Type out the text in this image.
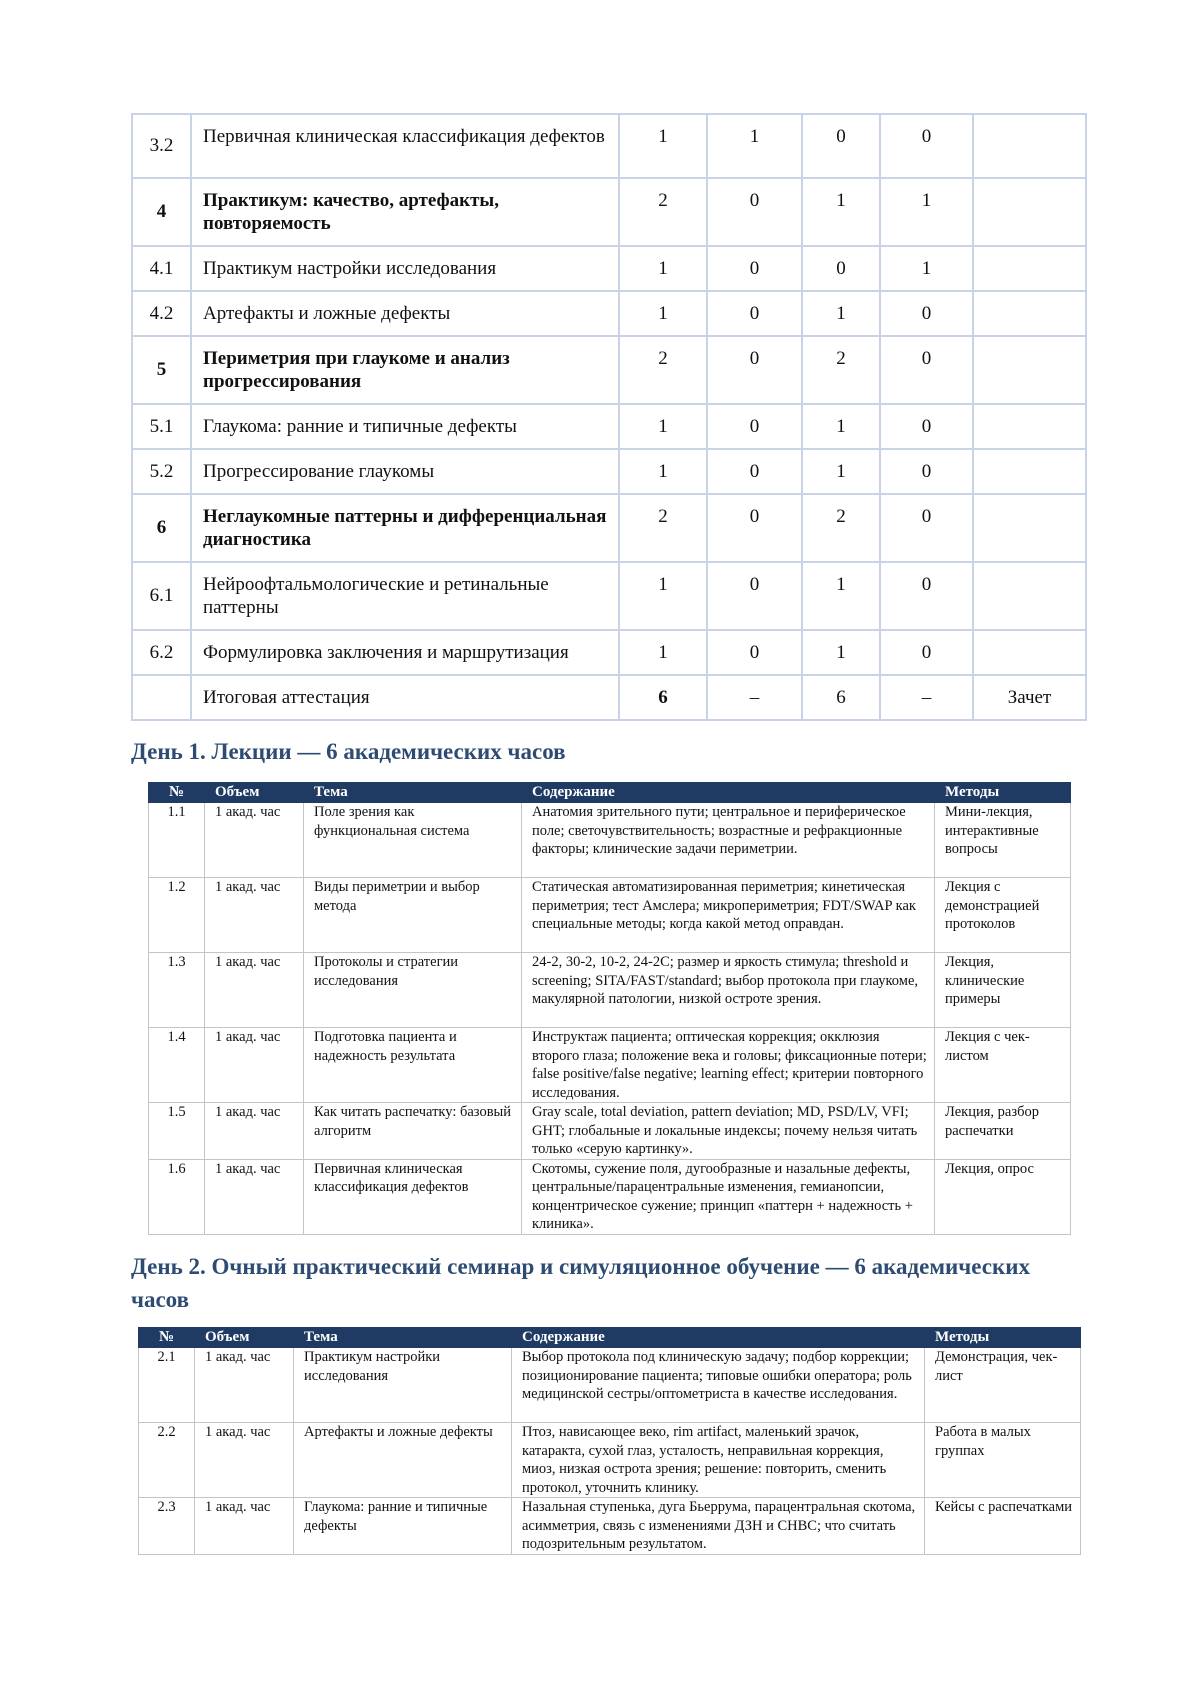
3.2	Первичная клиническая классификация дефектов	1	1	0	0	
4	Практикум: качество, артефакты, повторяемость	2	0	1	1	
4.1	Практикум настройки исследования	1	0	0	1	
4.2	Артефакты и ложные дефекты	1	0	1	0	
5	Периметрия при глаукоме и анализ прогрессирования	2	0	2	0	
5.1	Глаукома: ранние и типичные дефекты	1	0	1	0	
5.2	Прогрессирование глаукомы	1	0	1	0	
6	Неглаукомные паттерны и дифференциальная диагностика	2	0	2	0	
6.1	Нейроофтальмологические и ретинальные паттерны	1	0	1	0	
6.2	Формулировка заключения и маршрутизация	1	0	1	0	
	Итоговая аттестация	6	–	6	–	Зачет
День 1. Лекции — 6 академических часов
№	Объем	Тема	Содержание	Методы
1.1	1 акад. час	Поле зрения как функциональная система	Анатомия зрительного пути; центральное и периферическое поле; светочувствительность; возрастные и рефракционные факторы; клинические задачи периметрии.	Мини-лекция, интерактивные вопросы
1.2	1 акад. час	Виды периметрии и выбор метода	Статическая автоматизированная периметрия; кинетическая периметрия; тест Амслера; микропериметрия; FDT/SWAP как специальные методы; когда какой метод оправдан.	Лекция с демонстрацией протоколов
1.3	1 акад. час	Протоколы и стратегии исследования	24-2, 30-2, 10-2, 24-2C; размер и яркость стимула; threshold и screening; SITA/FAST/standard; выбор протокола при глаукоме, макулярной патологии, низкой остроте зрения.	Лекция, клинические примеры
1.4	1 акад. час	Подготовка пациента и надежность результата	Инструктаж пациента; оптическая коррекция; окклюзия второго глаза; положение века и головы; фиксационные потери; false positive/false negative; learning effect; критерии повторного исследования.	Лекция с чек-листом
1.5	1 акад. час	Как читать распечатку: базовый алгоритм	Gray scale, total deviation, pattern deviation; MD, PSD/LV, VFI; GHT; глобальные и локальные индексы; почему нельзя читать только «серую картинку».	Лекция, разбор распечатки
1.6	1 акад. час	Первичная клиническая классификация дефектов	Скотомы, сужение поля, дугообразные и назальные дефекты, центральные/парацентральные изменения, гемианопсии, концентрическое сужение; принцип «паттерн + надежность + клиника».	Лекция, опрос
День 2. Очный практический семинар и симуляционное обучение — 6 академических часов
№	Объем	Тема	Содержание	Методы
2.1	1 акад. час	Практикум настройки исследования	Выбор протокола под клиническую задачу; подбор коррекции; позиционирование пациента; типовые ошибки оператора; роль медицинской сестры/оптометриста в качестве исследования.	Демонстрация, чек-лист
2.2	1 акад. час	Артефакты и ложные дефекты	Птоз, нависающее веко, rim artifact, маленький зрачок, катаракта, сухой глаз, усталость, неправильная коррекция, миоз, низкая острота зрения; решение: повторить, сменить протокол, уточнить клинику.	Работа в малых группах
2.3	1 акад. час	Глаукома: ранние и типичные дефекты	Назальная ступенька, дуга Бьеррума, парацентральная скотома, асимметрия, связь с изменениями ДЗН и СНВС; что считать подозрительным результатом.	Кейсы с распечатками
